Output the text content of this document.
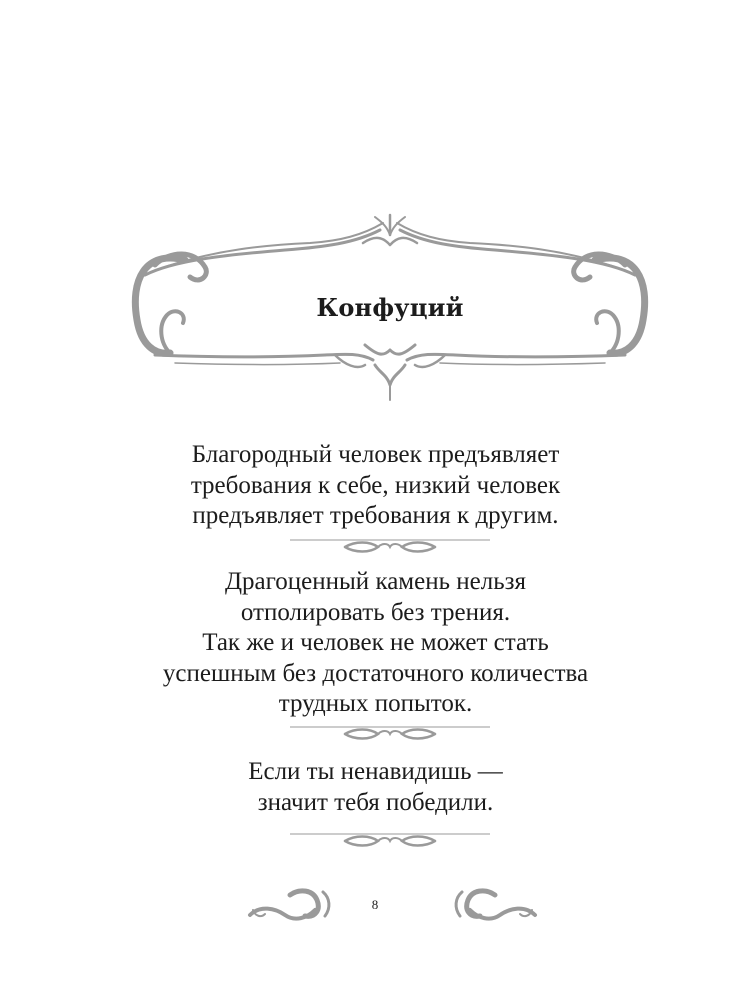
Конфуций
Благородный человек предъявляет
требования к себе, низкий человек
предъявляет требования к другим.
Драгоценный камень нельзя
отполировать без трения.
Так же и человек не может стать
успешным без достаточного количества
трудных попыток.
Если ты ненавидишь —
значит тебя победили.
8
